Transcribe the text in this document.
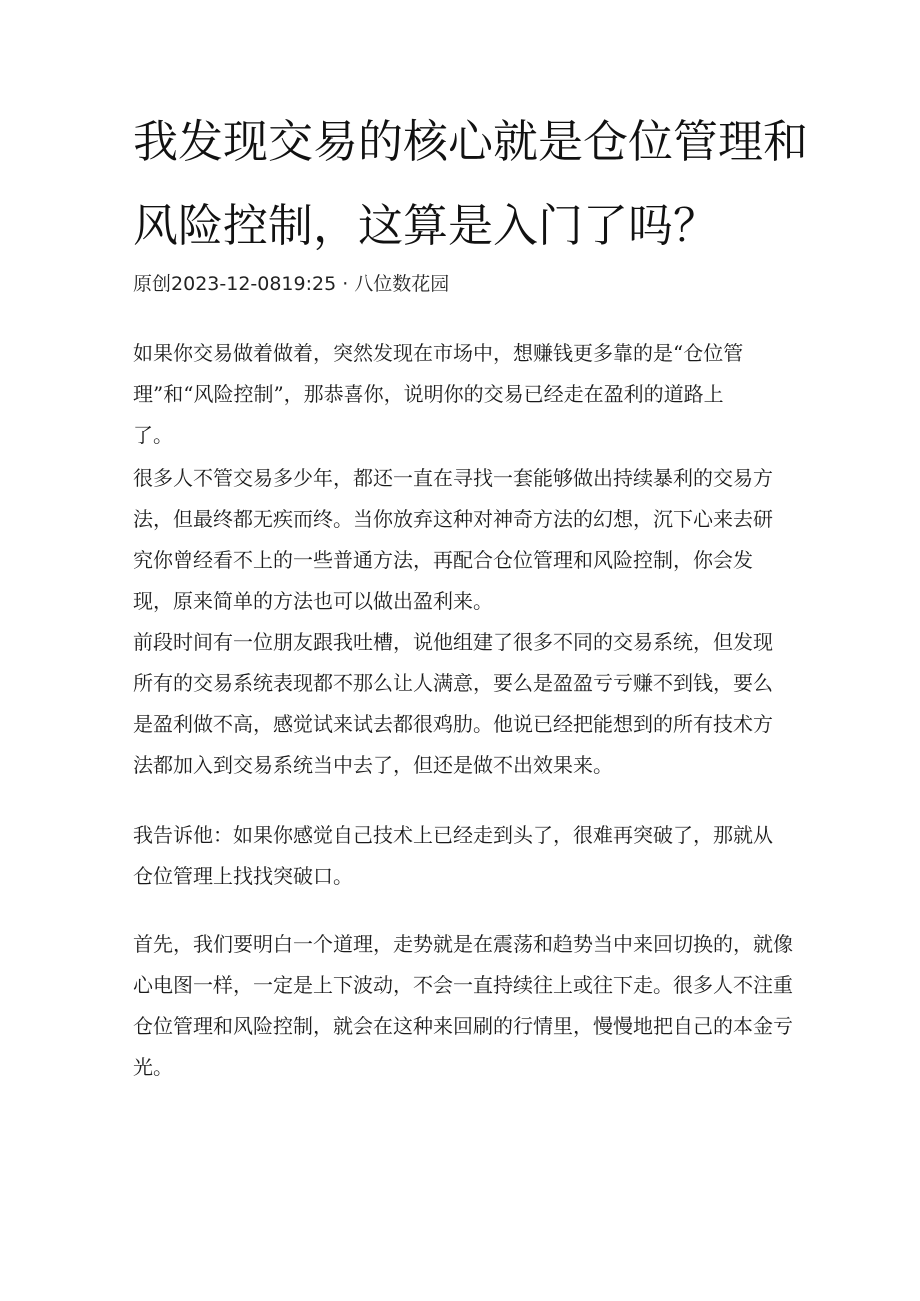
我发现交易的核心就是仓位管理和
风险控制，这算是入门了吗？
原创2023-12-0819:25 · 八位数花园
如果你交易做着做着，突然发现在市场中，想赚钱更多靠的是“仓位管
理”和“风险控制”，那恭喜你，说明你的交易已经走在盈利的道路上
了。
很多人不管交易多少年，都还一直在寻找一套能够做出持续暴利的交易方
法，但最终都无疾而终。当你放弃这种对神奇方法的幻想，沉下心来去研
究你曾经看不上的一些普通方法，再配合仓位管理和风险控制，你会发
现，原来简单的方法也可以做出盈利来。
前段时间有一位朋友跟我吐槽，说他组建了很多不同的交易系统，但发现
所有的交易系统表现都不那么让人满意，要么是盈盈亏亏赚不到钱，要么
是盈利做不高，感觉试来试去都很鸡肋。他说已经把能想到的所有技术方
法都加入到交易系统当中去了，但还是做不出效果来。
我告诉他：如果你感觉自己技术上已经走到头了，很难再突破了，那就从
仓位管理上找找突破口。
首先，我们要明白一个道理，走势就是在震荡和趋势当中来回切换的，就像
心电图一样，一定是上下波动，不会一直持续往上或往下走。很多人不注重
仓位管理和风险控制，就会在这种来回刷的行情里，慢慢地把自己的本金亏
光。
